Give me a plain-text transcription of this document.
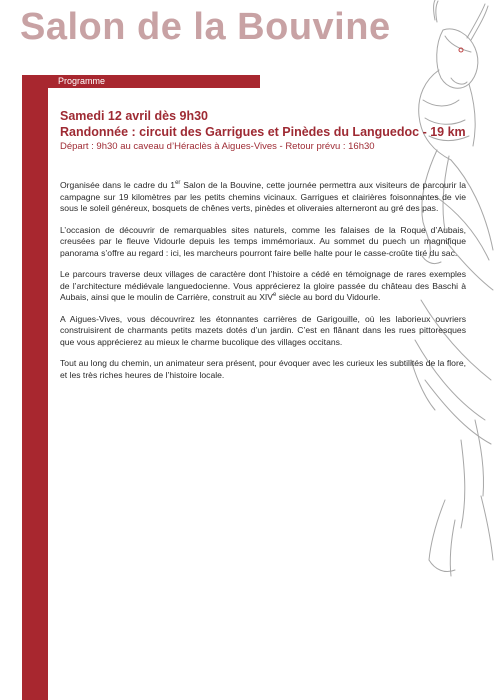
Salon de la Bouvine
Programme
Samedi 12 avril dès 9h30
Randonnée : circuit des Garrigues et Pinèdes du Languedoc - 19 km
Départ : 9h30 au caveau d’Héraclès à Aigues-Vives - Retour prévu : 16h30

Organisée dans le cadre du 1er Salon de la Bouvine, cette journée permettra aux visiteurs de parcourir la campagne sur 19 kilomètres par les petits chemins vicinaux. Garrigues et clairières foisonnantes de vie sous le soleil généreux, bosquets de chênes verts, pinèdes et oliveraies alterneront au gré des pas.

L’occasion de découvrir de remarquables sites naturels, comme les falaises de la Roque d’Aubais, creusées par le fleuve Vidourle depuis les temps immémoriaux. Au sommet du puech un magnifique panorama s’offre au regard : ici, les marcheurs pourront faire belle halte pour le casse-croûte tiré du sac.

Le parcours traverse deux villages de caractère dont l’histoire a cédé en témoignage de rares exemples de l’architecture médiévale languedocienne. Vous apprécierez la gloire passée du château des Baschi à Aubais, ainsi que le moulin de Carrière, construit au XIVe siècle au bord du Vidourle.

A Aigues-Vives, vous découvrirez les étonnantes carrières de Garigouille, où les laborieux ouvriers construisirent de charmants petits mazets dotés d’un jardin. C’est en flânant dans les rues pittoresques que vous apprécierez au mieux le charme bucolique des villages occitans.

Tout au long du chemin, un animateur sera présent, pour évoquer avec les curieux les subtilités de la flore, et les très riches heures de l’histoire locale.
